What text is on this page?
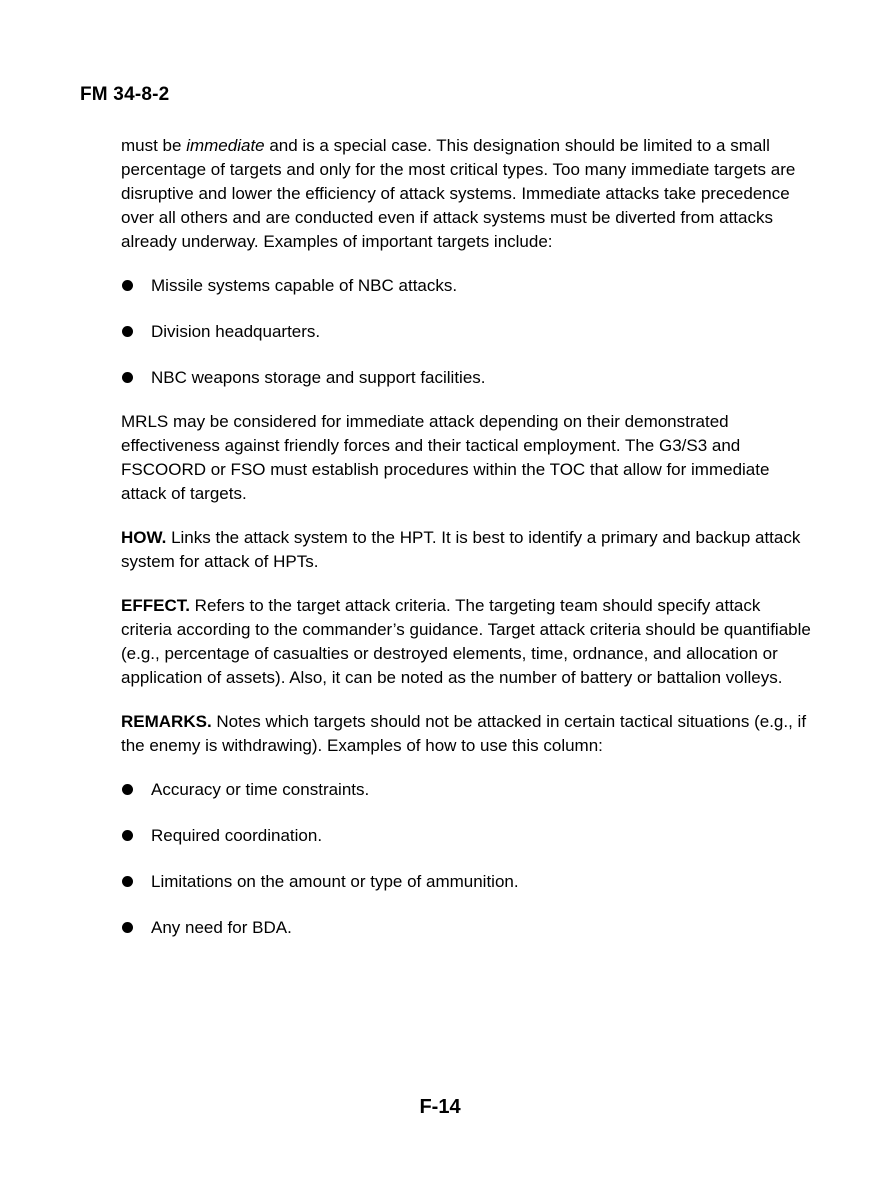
FM 34-8-2

must be immediate and is a special case. This designation should be limited to a small percentage of targets and only for the most critical types. Too many immediate targets are disruptive and lower the efficiency of attack systems. Immediate attacks take precedence over all others and are conducted even if attack systems must be diverted from attacks already underway. Examples of important targets include:

Missile systems capable of NBC attacks.
Division headquarters.
NBC weapons storage and support facilities.

MRLS may be considered for immediate attack depending on their demonstrated effectiveness against friendly forces and their tactical employment. The G3/S3 and FSCOORD or FSO must establish procedures within the TOC that allow for immediate attack of targets.

HOW. Links the attack system to the HPT. It is best to identify a primary and backup attack system for attack of HPTs.

EFFECT. Refers to the target attack criteria. The targeting team should specify attack criteria according to the commander’s guidance. Target attack criteria should be quantifiable (e.g., percentage of casualties or destroyed elements, time, ordnance, and allocation or application of assets). Also, it can be noted as the number of battery or battalion volleys.

REMARKS. Notes which targets should not be attacked in certain tactical situations (e.g., if the enemy is withdrawing). Examples of how to use this column:

Accuracy or time constraints.
Required coordination.
Limitations on the amount or type of ammunition.
Any need for BDA.
F-14
